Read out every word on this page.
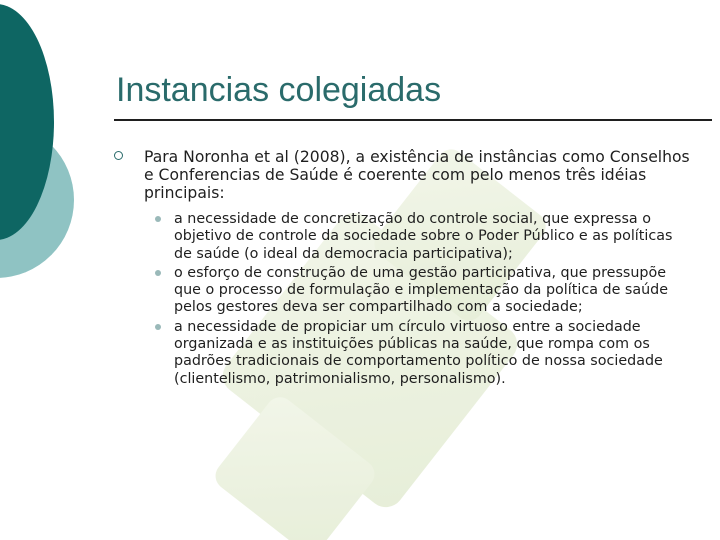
Instancias colegiadas
Para Noronha et al (2008), a existência de instâncias como Conselhos e Conferencias de Saúde é coerente com pelo menos três idéias principais:
a necessidade de concretização do controle social, que expressa o objetivo de controle da sociedade sobre o Poder Público e as políticas de saúde (o ideal da democracia participativa);
o esforço de construção de uma gestão participativa, que pressupõe que o processo de formulação e implementação da política de saúde pelos gestores deva ser compartilhado com a sociedade;
a necessidade de propiciar um círculo virtuoso entre a sociedade organizada e as instituições públicas na saúde, que rompa com os padrões tradicionais de comportamento político de nossa sociedade (clientelismo, patrimonialismo, personalismo).
